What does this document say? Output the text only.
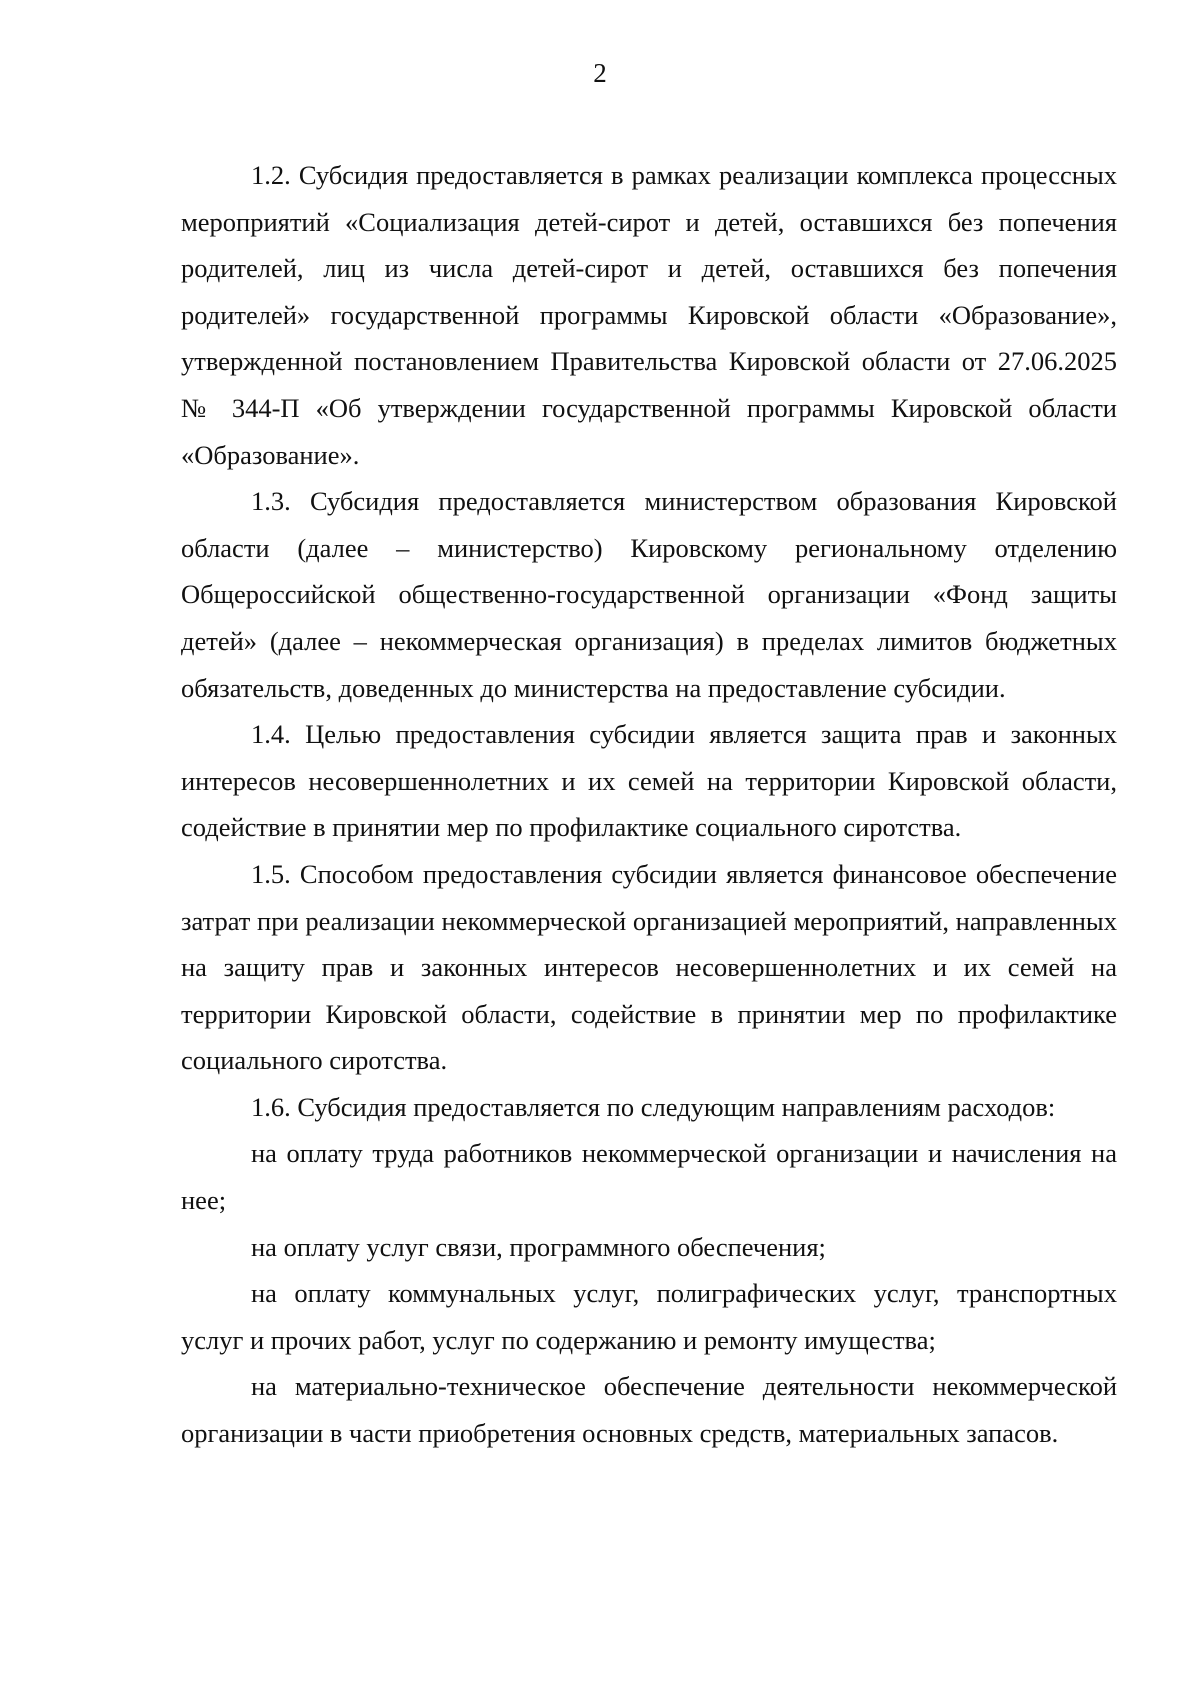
2

1.2. Субсидия предоставляется в рамках реализации комплекса процессных мероприятий «Социализация детей-сирот и детей, оставшихся без попечения родителей, лиц из числа детей-сирот и детей, оставшихся без попечения родителей» государственной программы Кировской области «Образование», утвержденной постановлением Правительства Кировской области от 27.06.2025 № 344-П «Об утверждении государственной программы Кировской области «Образование».

1.3. Субсидия предоставляется министерством образования Кировской области (далее – министерство) Кировскому региональному отделению Общероссийской общественно-государственной организации «Фонд защиты детей» (далее – некоммерческая организация) в пределах лимитов бюджетных обязательств, доведенных до министерства на предоставление субсидии.

1.4. Целью предоставления субсидии является защита прав и законных интересов несовершеннолетних и их семей на территории Кировской области, содействие в принятии мер по профилактике социального сиротства.

1.5. Способом предоставления субсидии является финансовое обеспечение затрат при реализации некоммерческой организацией мероприятий, направленных на защиту прав и законных интересов несовершеннолетних и их семей на территории Кировской области, содействие в принятии мер по профилактике социального сиротства.

1.6. Субсидия предоставляется по следующим направлениям расходов:

на оплату труда работников некоммерческой организации и начисления на нее;

на оплату услуг связи, программного обеспечения;

на оплату коммунальных услуг, полиграфических услуг, транспортных услуг и прочих работ, услуг по содержанию и ремонту имущества;

на материально-техническое обеспечение деятельности некоммерческой организации в части приобретения основных средств, материальных запасов.
